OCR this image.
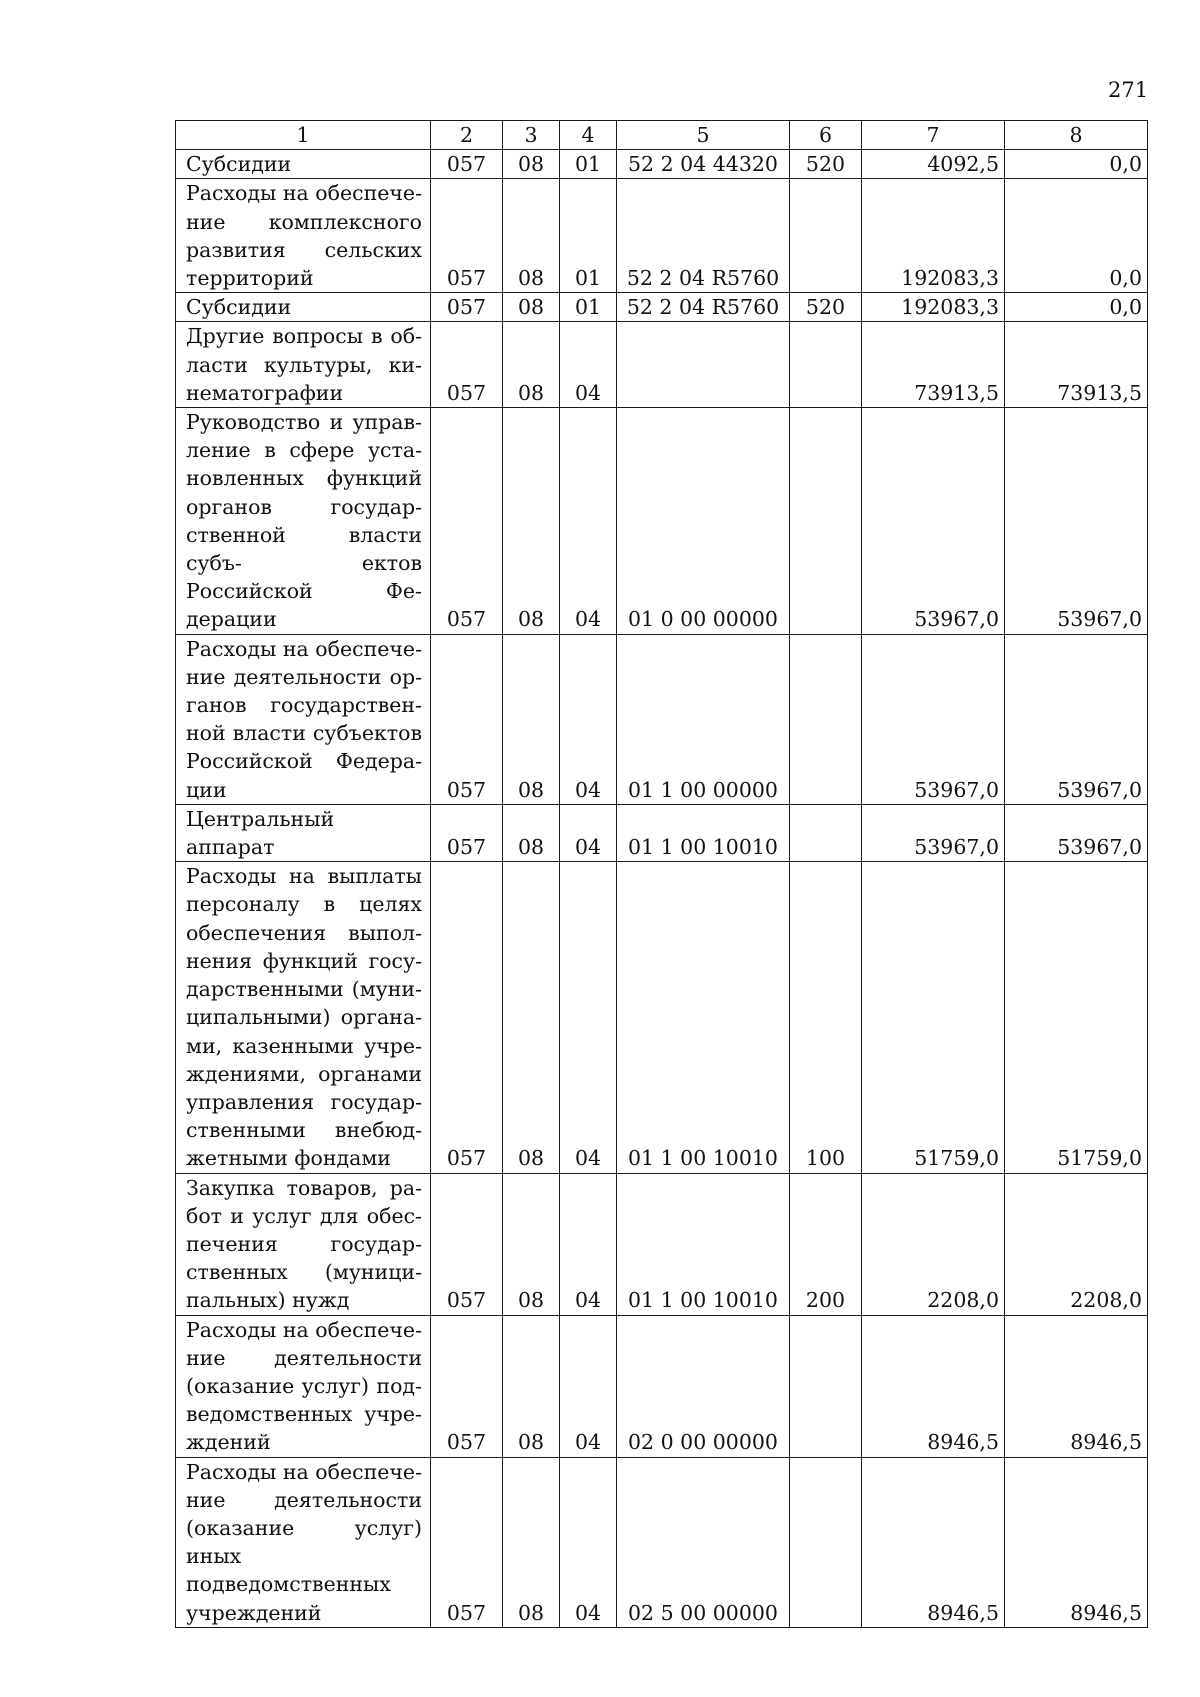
271
1	2	3	4	5	6	7	8
Субсидии	057	08	01	52 2 04 44320	520	4092,5	0,0
Расходы на обеспече- ние комплексного развития сельских территорий	057	08	01	52 2 04 R5760		192083,3	0,0
Субсидии	057	08	01	52 2 04 R5760	520	192083,3	0,0
Другие вопросы в об- ласти культуры, ки- нематографии	057	08	04			73913,5	73913,5
Руководство и управ- ление в сфере уста- новленных функций органов государ- ственной власти субъ- ектов Российской Фе- дерации	057	08	04	01 0 00 00000		53967,0	53967,0
Расходы на обеспече- ние деятельности ор- ганов государствен- ной власти субъектов Российской Федера- ции	057	08	04	01 1 00 00000		53967,0	53967,0
Центральный аппарат	057	08	04	01 1 00 10010		53967,0	53967,0
Расходы на выплаты персоналу в целях обеспечения выпол- нения функций госу- дарственными (муни- ципальными) органа- ми, казенными учре- ждениями, органами управления государ- ственными внебюд- жетными фондами	057	08	04	01 1 00 10010	100	51759,0	51759,0
Закупка товаров, ра- бот и услуг для обес- печения государ- ственных (муници- пальных) нужд	057	08	04	01 1 00 10010	200	2208,0	2208,0
Расходы на обеспече- ние деятельности (оказание услуг) под- ведомственных учре- ждений	057	08	04	02 0 00 00000		8946,5	8946,5
Расходы на обеспече- ние деятельности (оказание услуг) иных подведомственных учреждений	057	08	04	02 5 00 00000		8946,5	8946,5
